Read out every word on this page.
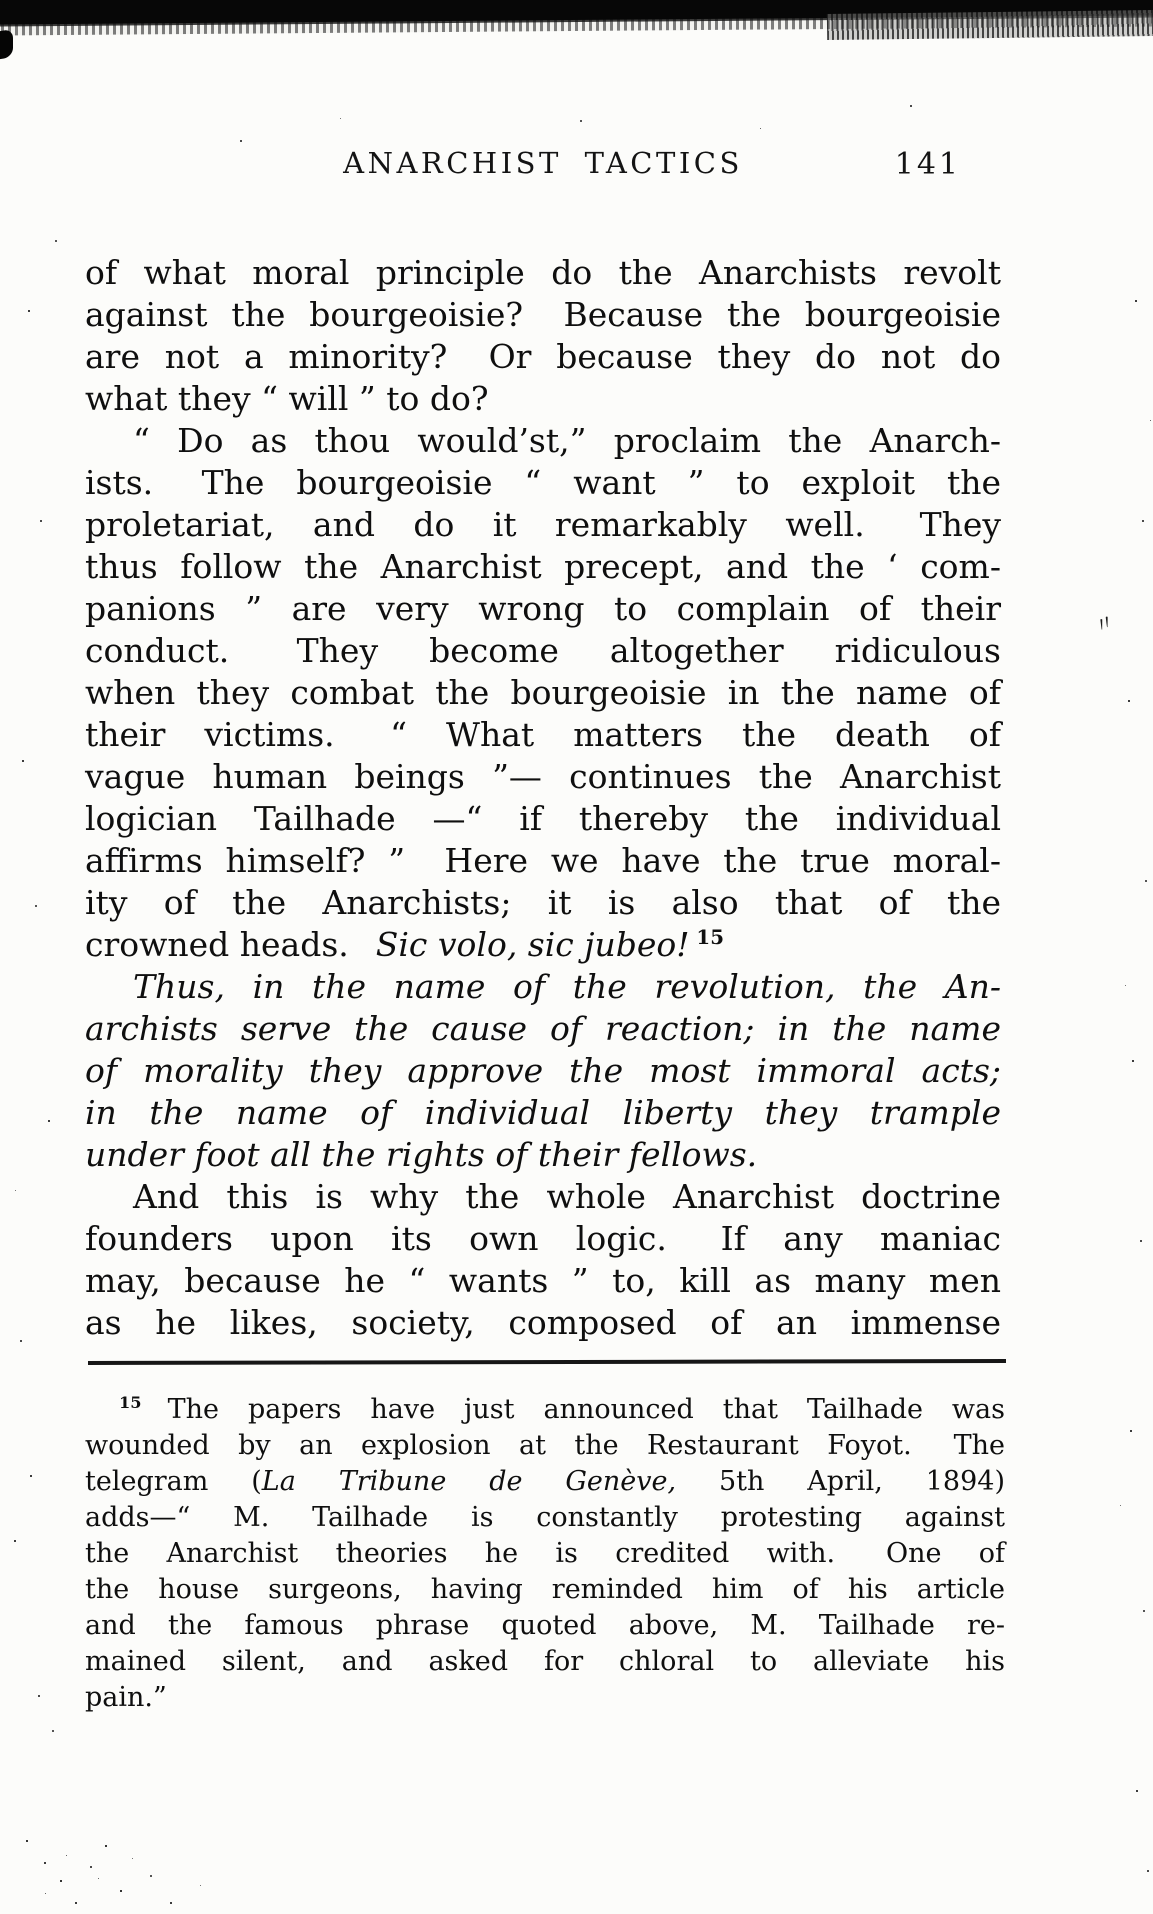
ANARCHIST TACTICS	141
of what moral principle do the Anarchists revolt
against the bourgeoisie?  Because the bourgeoisie
are not a minority?  Or because they do not do
what they “ will ” to do?
“ Do as thou would’st,” proclaim the Anarch-
ists.  The bourgeoisie “ want ” to exploit the
proletariat, and do it remarkably well.  They
thus follow the Anarchist precept, and the ‘ com-
panions ” are very wrong to complain of their
conduct.  They become altogether ridiculous
when they combat the bourgeoisie in the name of
their victims.  “ What matters the death of
vague human beings ”— continues the Anarchist
logician Tailhade —“ if thereby the individual
affirms himself? ”  Here we have the true moral-
ity of the Anarchists; it is also that of the
crowned heads.  Sic volo, sic jubeo! $^{15}$
Thus, in the name of the revolution, the An-
archists serve the cause of reaction; in the name
of morality they approve the most immoral acts;
in the name of individual liberty they trample
under foot all the rights of their fellows.
And this is why the whole Anarchist doctrine
founders upon its own logic.  If any maniac
may, because he “ wants ” to, kill as many men
as he likes, society, composed of an immense
〃
$^{15}$ The papers have just announced that Tailhade was
wounded by an explosion at the Restaurant Foyot.  The
telegram (La Tribune de Genève, 5th April, 1894)
adds—“ M. Tailhade is constantly protesting against
the Anarchist theories he is credited with.  One of
the house surgeons, having reminded him of his article
and the famous phrase quoted above, M. Tailhade re-
mained silent, and asked for chloral to alleviate his
pain.”
